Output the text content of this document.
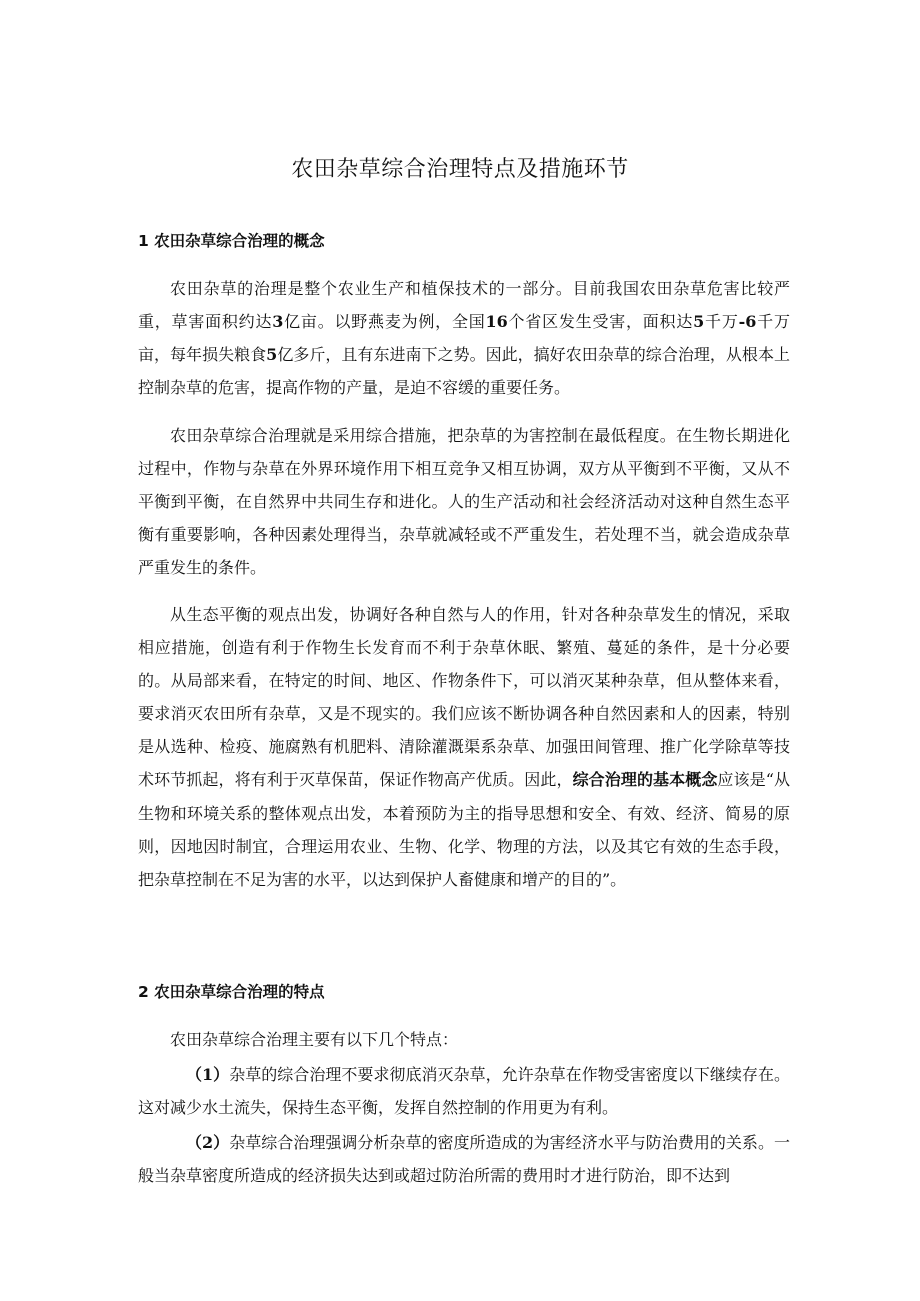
农田杂草综合治理特点及措施环节
1 农田杂草综合治理的概念

农田杂草的治理是整个农业生产和植保技术的一部分。目前我国农田杂草危害比较严重，草害面积约达3亿亩。以野燕麦为例，全国16个省区发生受害，面积达5千万-6千万亩，每年损失粮食5亿多斤，且有东进南下之势。因此，搞好农田杂草的综合治理，从根本上控制杂草的危害，提高作物的产量，是迫不容缓的重要任务。

农田杂草综合治理就是采用综合措施，把杂草的为害控制在最低程度。在生物长期进化过程中，作物与杂草在外界环境作用下相互竞争又相互协调，双方从平衡到不平衡，又从不平衡到平衡，在自然界中共同生存和进化。人的生产活动和社会经济活动对这种自然生态平衡有重要影响，各种因素处理得当，杂草就减轻或不严重发生，若处理不当，就会造成杂草严重发生的条件。

从生态平衡的观点出发，协调好各种自然与人的作用，针对各种杂草发生的情况，采取相应措施，创造有利于作物生长发育而不利于杂草休眠、繁殖、蔓延的条件，是十分必要的。从局部来看，在特定的时间、地区、作物条件下，可以消灭某种杂草，但从整体来看，要求消灭农田所有杂草，又是不现实的。我们应该不断协调各种自然因素和人的因素，特别是从选种、检疫、施腐熟有机肥料、清除灌溉渠系杂草、加强田间管理、推广化学除草等技术环节抓起，将有利于灭草保苗，保证作物高产优质。因此，综合治理的基本概念应该是“从生物和环境关系的整体观点出发，本着预防为主的指导思想和安全、有效、经济、简易的原则，因地因时制宜，合理运用农业、生物、化学、物理的方法，以及其它有效的生态手段，把杂草控制在不足为害的水平，以达到保护人畜健康和增产的目的”。

2 农田杂草综合治理的特点

农田杂草综合治理主要有以下几个特点：

（1）杂草的综合治理不要求彻底消灭杂草，允许杂草在作物受害密度以下继续存在。这对减少水土流失，保持生态平衡，发挥自然控制的作用更为有利。

（2）杂草综合治理强调分析杂草的密度所造成的为害经济水平与防治费用的关系。一般当杂草密度所造成的经济损失达到或超过防治所需的费用时才进行防治，即不达到
